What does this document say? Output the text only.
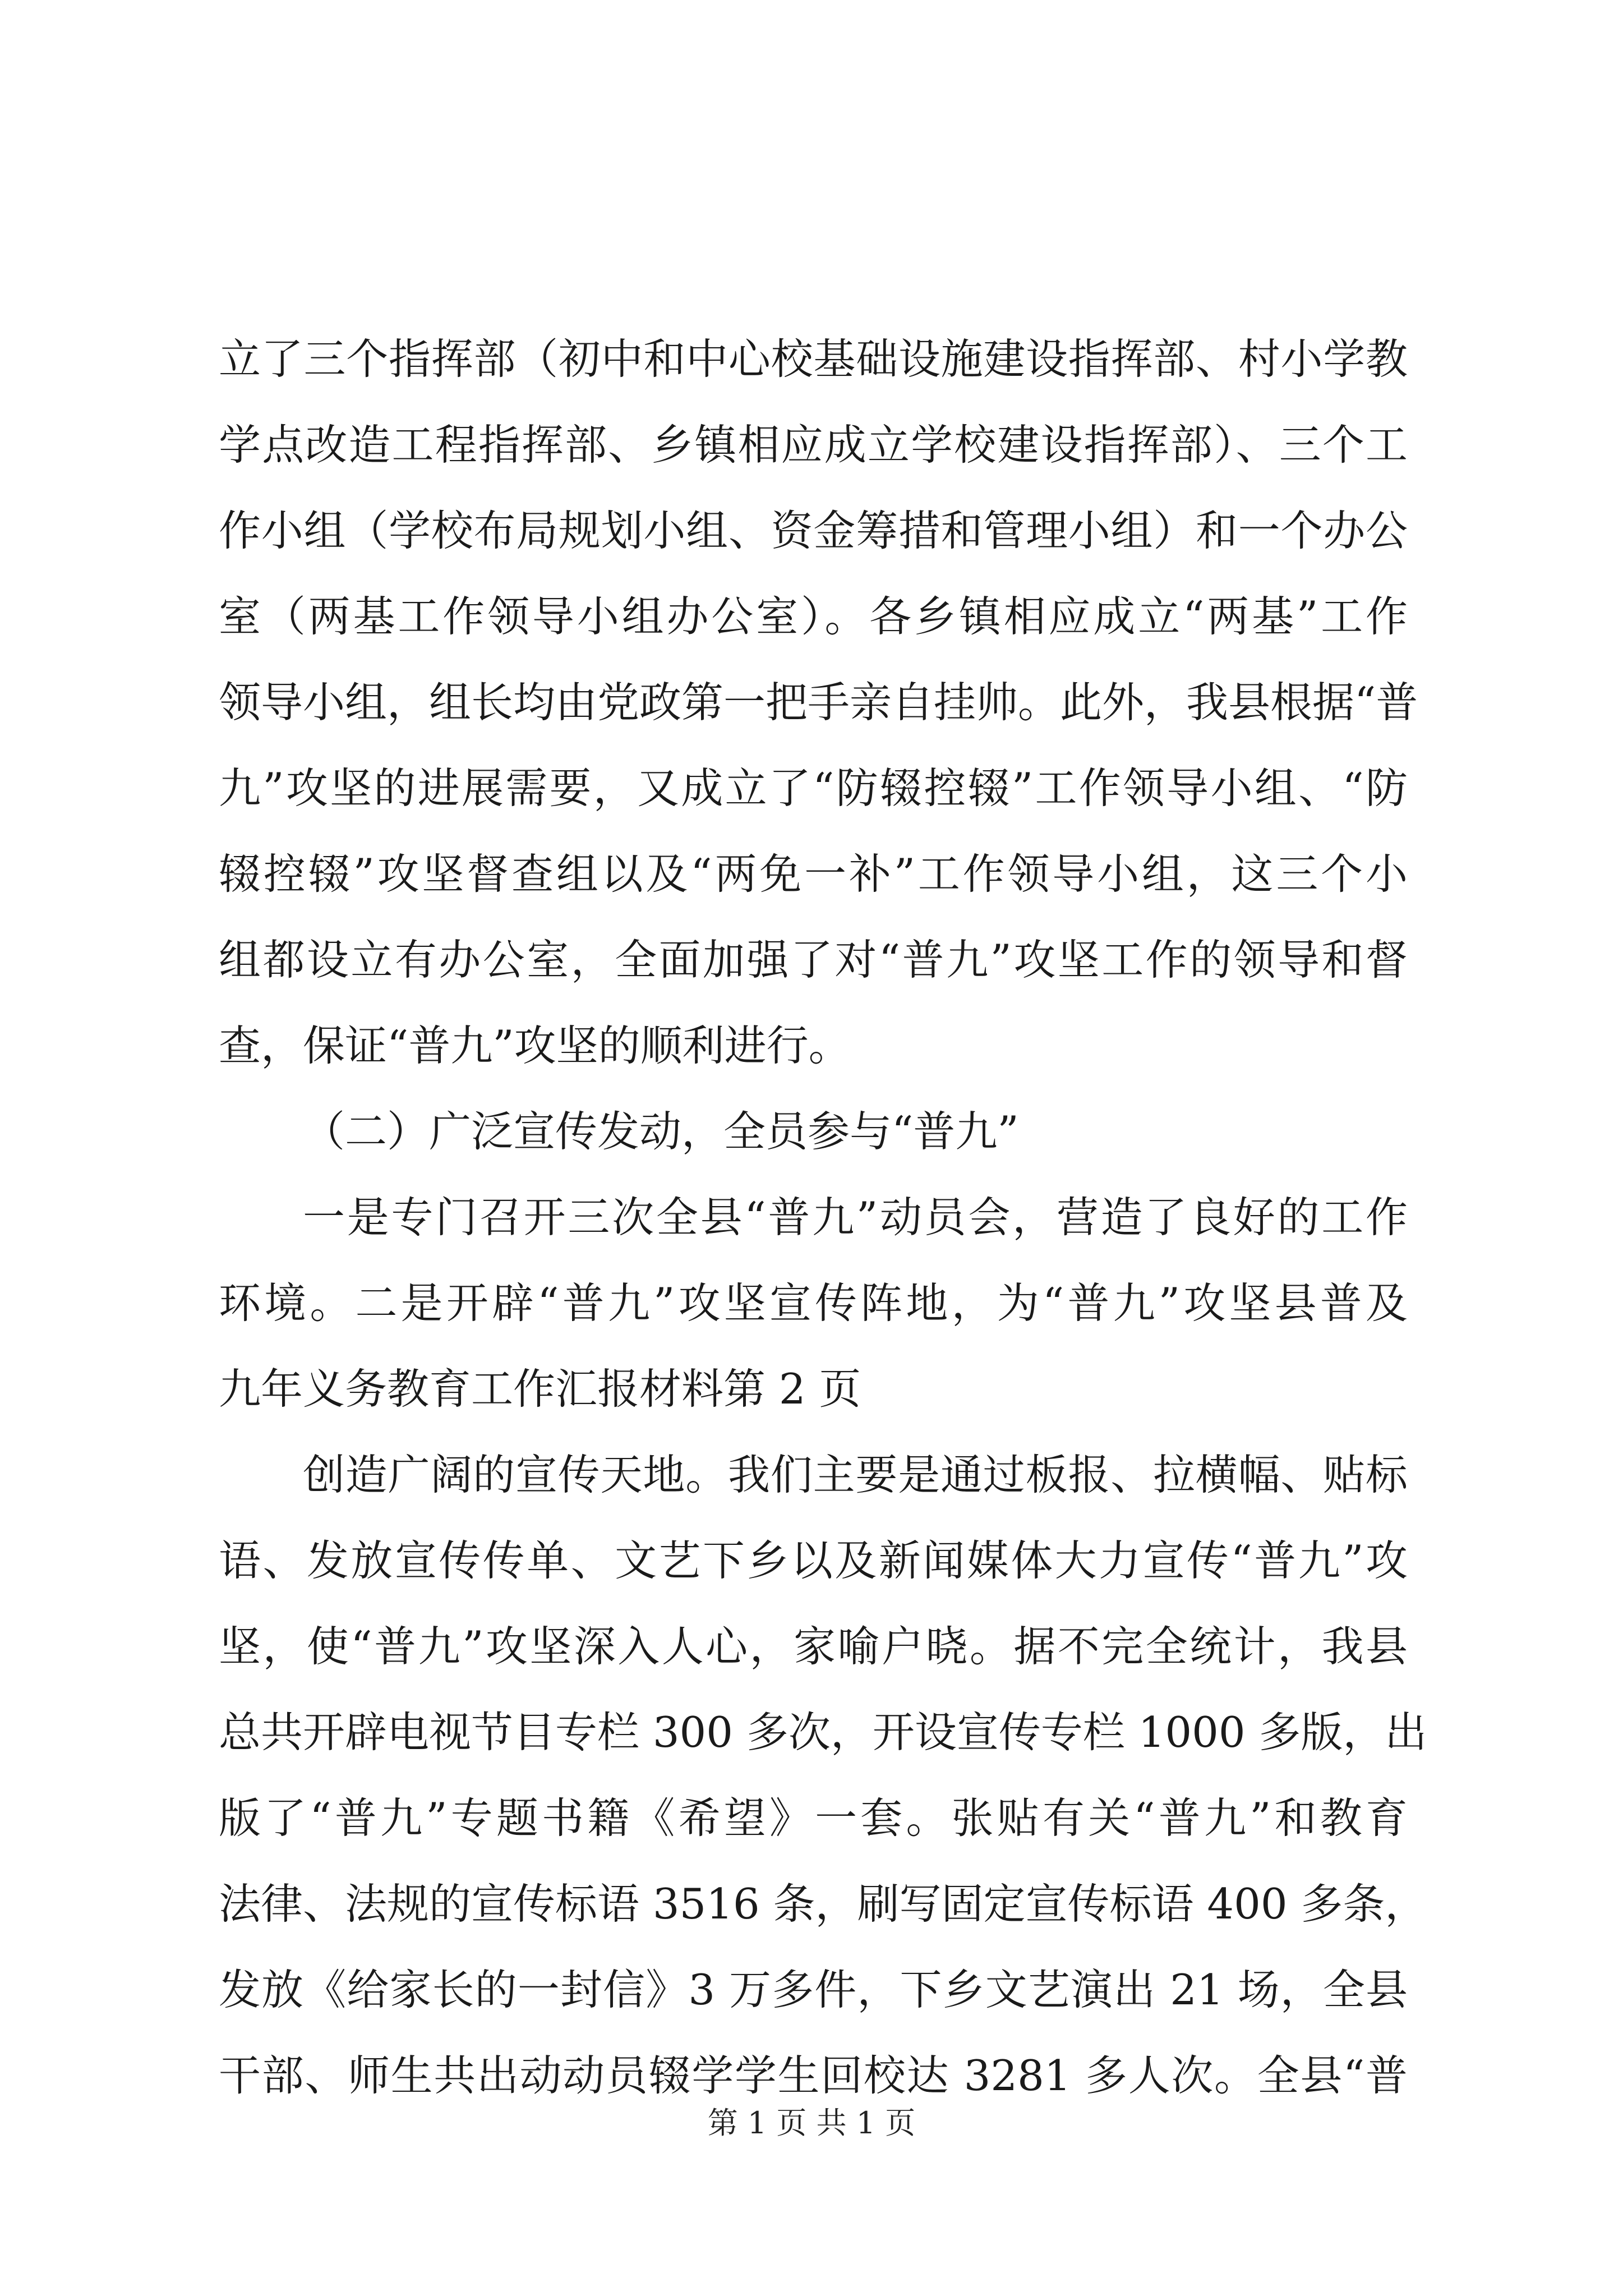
立了三个指挥部（初中和中心校基础设施建设指挥部、村小学教
学点改造工程指挥部、乡镇相应成立学校建设指挥部）、三个工
作小组（学校布局规划小组、资金筹措和管理小组）和一个办公
室（两基工作领导小组办公室）。各乡镇相应成立“两基”工作
领导小组，组长均由党政第一把手亲自挂帅。此外，我县根据“普
九”攻坚的进展需要，又成立了“防辍控辍”工作领导小组、“防
辍控辍”攻坚督查组以及“两免一补”工作领导小组，这三个小
组都设立有办公室，全面加强了对“普九”攻坚工作的领导和督
查，保证“普九”攻坚的顺利进行。
（二）广泛宣传发动，全员参与“普九”
一是专门召开三次全县“普九”动员会，营造了良好的工作
环境。二是开辟“普九”攻坚宣传阵地，为“普九”攻坚县普及
九年义务教育工作汇报材料第 2 页
创造广阔的宣传天地。我们主要是通过板报、拉横幅、贴标
语、发放宣传传单、文艺下乡以及新闻媒体大力宣传“普九”攻
坚，使“普九”攻坚深入人心，家喻户晓。据不完全统计，我县
总共开辟电视节目专栏 300 多次，开设宣传专栏 1000 多版，出
版了“普九”专题书籍《希望》一套。张贴有关“普九”和教育
法律、法规的宣传标语 3516 条，刷写固定宣传标语 400 多条，
发放《给家长的一封信》3 万多件，下乡文艺演出 21 场，全县
干部、师生共出动动员辍学学生回校达 3281 多人次。全县“普
第 1 页 共 1 页
